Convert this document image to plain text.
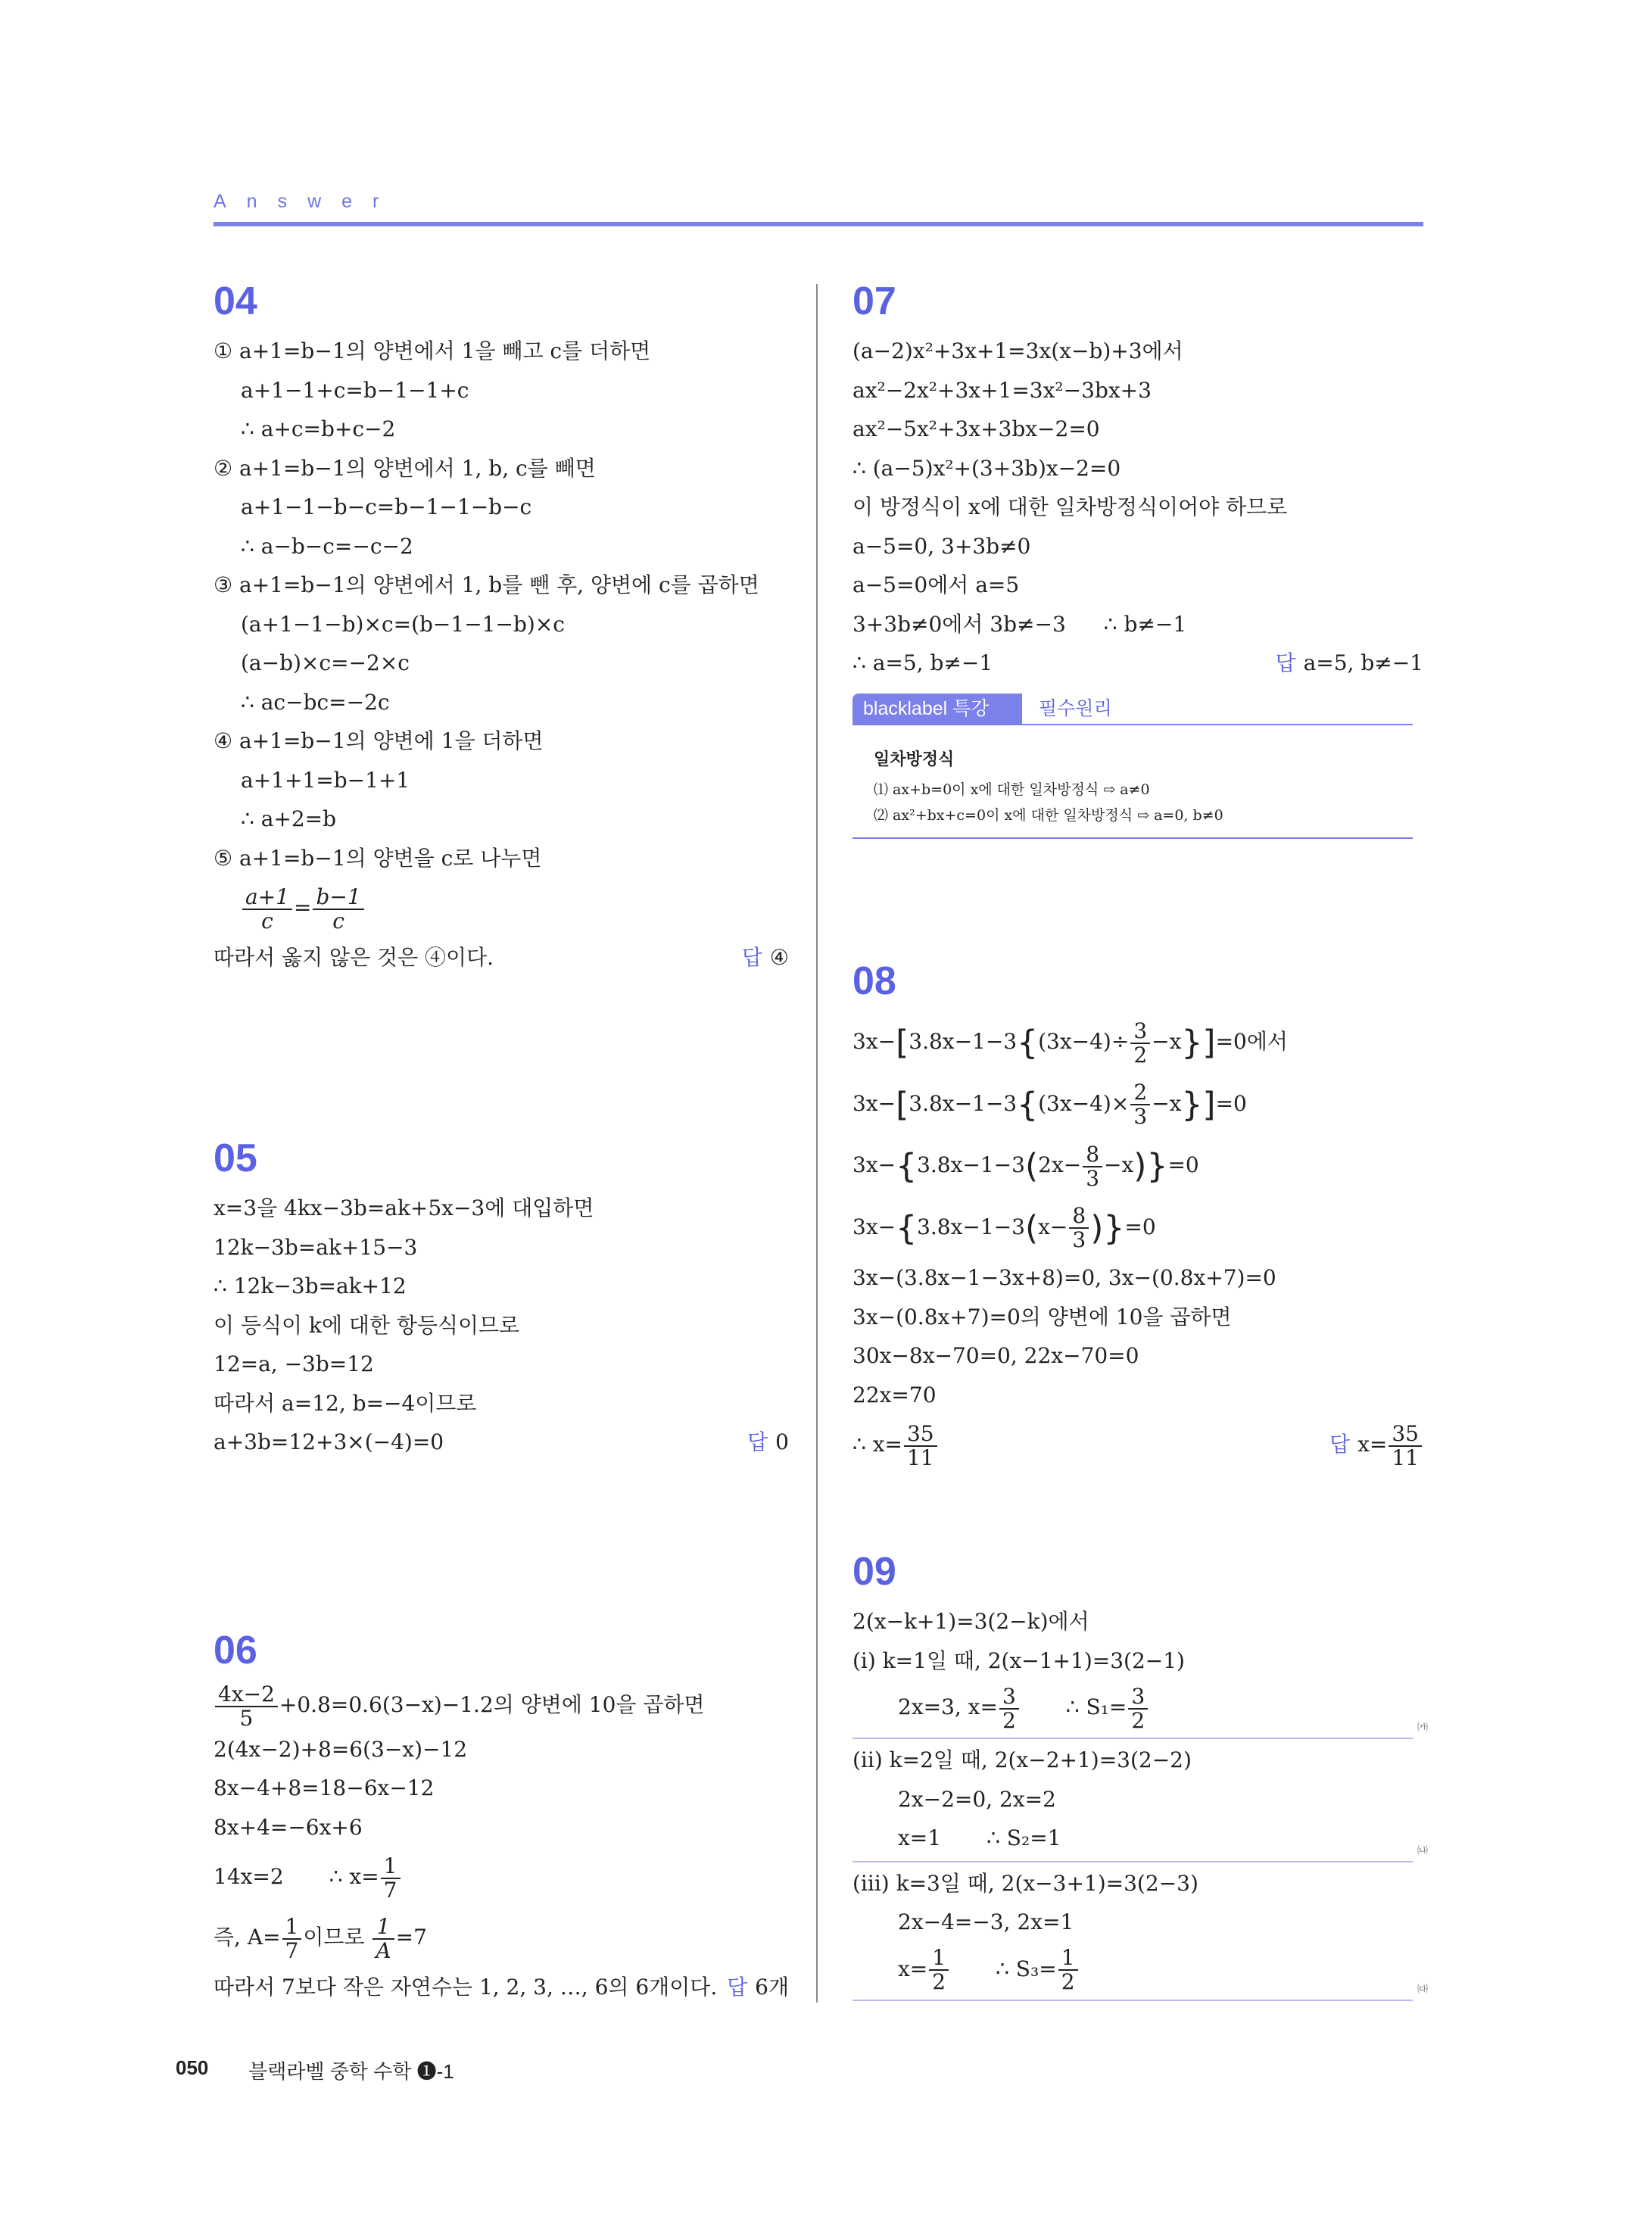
Answer
04
① a+1=b−1의 양변에서 1을 빼고 c를 더하면
a+1−1+c=b−1−1+c
∴ a+c=b+c−2
② a+1=b−1의 양변에서 1, b, c를 빼면
a+1−1−b−c=b−1−1−b−c
∴ a−b−c=−c−2
③ a+1=b−1의 양변에서 1, b를 뺀 후, 양변에 c를 곱하면
(a+1−1−b)×c=(b−1−1−b)×c
(a−b)×c=−2×c
∴ ac−bc=−2c
④ a+1=b−1의 양변에 1을 더하면
a+1+1=b−1+1
∴ a+2=b
⑤ a+1=b−1의 양변을 c로 나누면
$\frac{a+1}{c} = \frac{b-1}{c}$
따라서 옳지 않은 것은 ④이다.	답 ④
05
x=3을 4kx−3b=ak+5x−3에 대입하면
12k−3b=ak+15−3
∴ 12k−3b=ak+12
이 등식이 k에 대한 항등식이므로
12=a, −3b=12
따라서 a=12, b=−4이므로
a+3b=12+3×(−4)=0	답 0
06
$\frac{4x-2}{5} +0.8=0.6(3-x)-1.2$의 양변에 10을 곱하면
2(4x−2)+8=6(3−x)−12
8x−4+8=18−6x−12
8x+4=−6x+6
14x=2 ∴ $x= \frac{1}{7}$
즉, $A= \frac{1}{7}$ 이므로 $\frac{1}{A} =7$
따라서 7보다 작은 자연수는 1, 2, 3, …, 6의 6개이다. 답 6개
07
(a−2)x²+3x+1=3x(x−b)+3에서
ax²−2x²+3x+1=3x²−3bx+3
ax²−5x²+3x+3bx−2=0
∴ (a−5)x²+(3+3b)x−2=0
이 방정식이 x에 대한 일차방정식이어야 하므로
a−5=0, 3+3b≠0
a−5=0에서 a=5
3+3b≠0에서 3b≠−3 ∴ b≠−1
∴ a=5, b≠−1	답 a=5, b≠−1
blacklabel 특강	필수원리
일차방정식
⑴ ax+b=0이 x에 대한 일차방정식 ⇨ a≠0
⑵ ax²+bx+c=0이 x에 대한 일차방정식 ⇨ a=0, b≠0
08
$3x-[3.8x-1-3\{(3x-4)\div \frac{3}{2} -x\}]=0$에서
$3x-[3.8x-1-3\{(3x-4)\times \frac{2}{3} -x\}]=0$
$3x-\{3.8x-1-3(2x- \frac{8}{3} -x)\}=0$
$3x-\{3.8x-1-3(x- \frac{8}{3} )\}=0$
3x−(3.8x−1−3x+8)=0, 3x−(0.8x+7)=0
3x−(0.8x+7)=0의 양변에 10을 곱하면
30x−8x−70=0, 22x−70=0
22x=70
∴ $x= \frac{35}{11}$	답 $x= \frac{35}{11}$
09
2(x−k+1)=3(2−k)에서
(i) k=1일 때, 2(x−1+1)=3(2−1)
2x=3, $x= \frac{3}{2}$ ∴ $S_1= \frac{3}{2}$	㈎
(ii) k=2일 때, 2(x−2+1)=3(2−2)
2x−2=0, 2x=2
x=1 ∴ S₂=1	㈏
(iii) k=3일 때, 2(x−3+1)=3(2−3)
2x−4=−3, 2x=1
$x= \frac{1}{2}$ ∴ $S_3= \frac{1}{2}$	㈐
050 블랙라벨 중학 수학 ❶-1
